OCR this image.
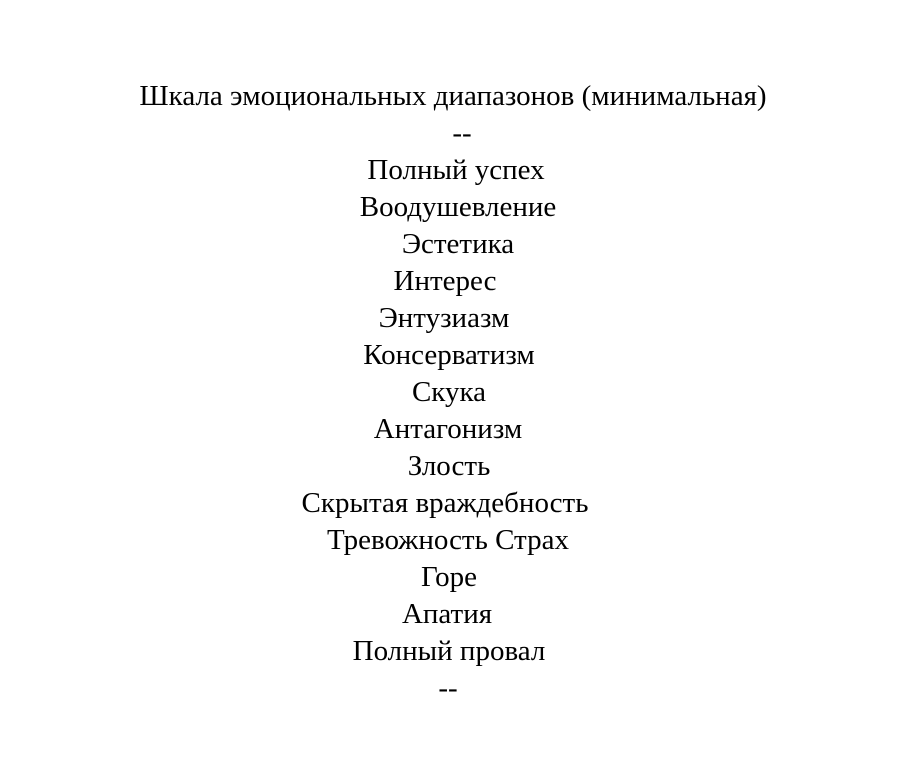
Шкала эмоциональных диапазонов (минимальная)
--
Полный успех
Воодушевление
Эстетика
Интерес
Энтузиазм
Консерватизм
Скука
Антагонизм
Злость
Скрытая враждебность
Тревожность Страх
Горе
Апатия
Полный провал
--
